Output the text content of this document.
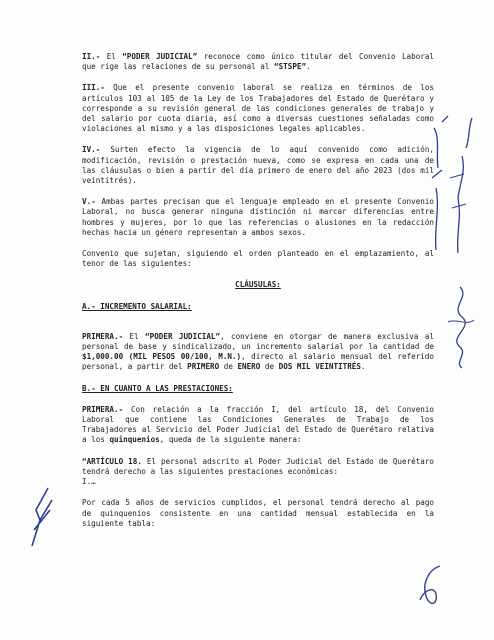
II.- El “PODER JUDICIAL” reconoce como único titular del Convenio Laboral que rige las relaciones de su personal al “STSPE”.

III.- Que el presente convenio laboral se realiza en términos de los artículos 103 al 105 de la Ley de los Trabajadores del Estado de Querétaro y corresponde a su revisión general de las condiciones generales de trabajo y del salario por cuota diaria, así como a diversas cuestiones señaladas como violaciones al mismo y a las disposiciones legales aplicables.

IV.- Surten efecto la vigencia de lo aquí convenido como adición, modificación, revisión o prestación nueva, como se expresa en cada una de las cláusulas o bien a partir del día primero de enero del año 2023 (dos mil veintitrés).

V.- Ambas partes precisan que el lenguaje empleado en el presente Convenio Laboral, no busca generar ninguna distinción ni marcar diferencias entre hombres y mujeres, por lo que las referencias o alusiones en la redacción hechas hacia un género representan a ambos sexos.

Convenio que sujetan, siguiendo el orden planteado en el emplazamiento, al tenor de las siguientes:

CLÁUSULAS:

A.- INCREMENTO SALARIAL:

PRIMERA.- El “PODER JUDICIAL”, conviene en otorgar de manera exclusiva al personal de base y sindicalizado, un incremento salarial por la cantidad de $1,000.00 (MIL PESOS 00/100, M.N.), directo al salario mensual del referido personal, a partir del PRIMERO de ENERO de DOS MIL VEINTITRÉS.

B.- EN CUANTO A LAS PRESTACIONES:

PRIMERA.- Con relación a la fracción I, del artículo 18, del Convenio Laboral que contiene las Condiciones Generales de Trabajo de los Trabajadores al Servicio del Poder Judicial del Estado de Querétaro relativa a los quinquenios, queda de la siguiente manera:

“ARTÍCULO 18. El personal adscrito al Poder Judicial del Estado de Querétaro tendrá derecho a las siguientes prestaciones económicas:

I.…

Por cada 5 años de servicios cumplidos, el personal tendrá derecho al pago de quinquenios consistente en una cantidad mensual establecida en la siguiente tabla:
